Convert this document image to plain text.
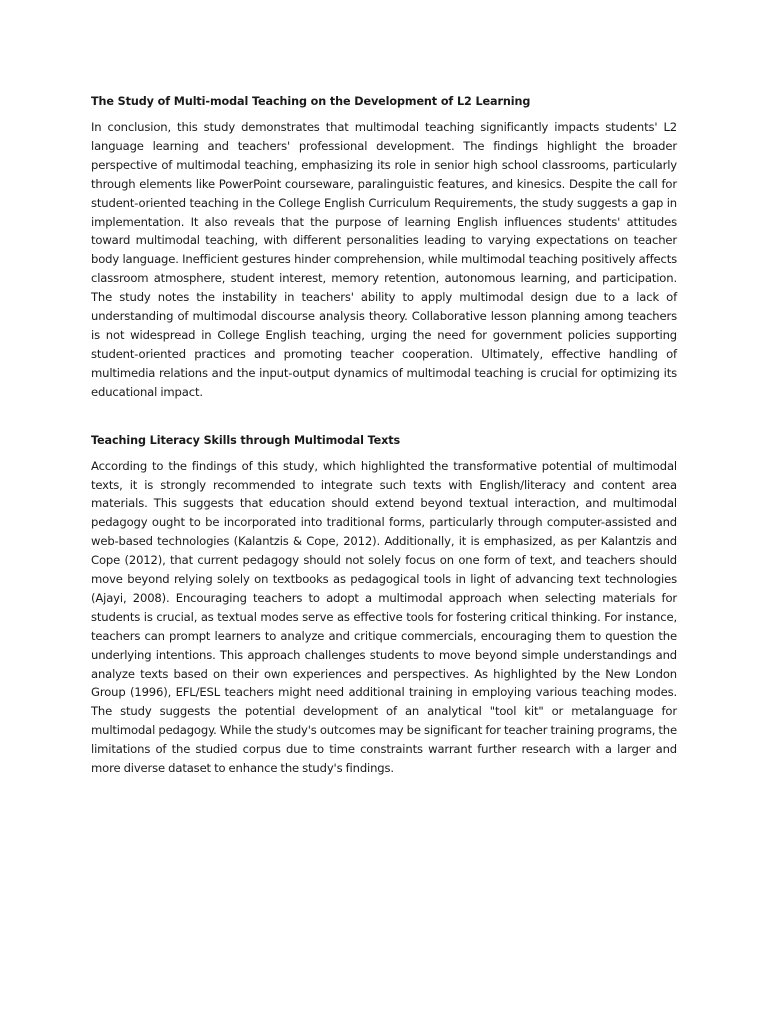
The Study of Multi-modal Teaching on the Development of L2 Learning

In conclusion, this study demonstrates that multimodal teaching significantly impacts students' L2 language learning and teachers' professional development. The findings highlight the broader perspective of multimodal teaching, emphasizing its role in senior high school classrooms, particularly through elements like PowerPoint courseware, paralinguistic features, and kinesics. Despite the call for student-oriented teaching in the College English Curriculum Requirements, the study suggests a gap in implementation. It also reveals that the purpose of learning English influences students' attitudes toward multimodal teaching, with different personalities leading to varying expectations on teacher body language. Inefficient gestures hinder comprehension, while multimodal teaching positively affects classroom atmosphere, student interest, memory retention, autonomous learning, and participation. The study notes the instability in teachers' ability to apply multimodal design due to a lack of understanding of multimodal discourse analysis theory. Collaborative lesson planning among teachers is not widespread in College English teaching, urging the need for government policies supporting student-oriented practices and promoting teacher cooperation. Ultimately, effective handling of multimedia relations and the input-output dynamics of multimodal teaching is crucial for optimizing its educational impact.

Teaching Literacy Skills through Multimodal Texts

According to the findings of this study, which highlighted the transformative potential of multimodal texts, it is strongly recommended to integrate such texts with English/literacy and content area materials. This suggests that education should extend beyond textual interaction, and multimodal pedagogy ought to be incorporated into traditional forms, particularly through computer-assisted and web-based technologies (Kalantzis & Cope, 2012). Additionally, it is emphasized, as per Kalantzis and Cope (2012), that current pedagogy should not solely focus on one form of text, and teachers should move beyond relying solely on textbooks as pedagogical tools in light of advancing text technologies (Ajayi, 2008). Encouraging teachers to adopt a multimodal approach when selecting materials for students is crucial, as textual modes serve as effective tools for fostering critical thinking. For instance, teachers can prompt learners to analyze and critique commercials, encouraging them to question the underlying intentions. This approach challenges students to move beyond simple understandings and analyze texts based on their own experiences and perspectives. As highlighted by the New London Group (1996), EFL/ESL teachers might need additional training in employing various teaching modes. The study suggests the potential development of an analytical "tool kit" or metalanguage for multimodal pedagogy. While the study's outcomes may be significant for teacher training programs, the limitations of the studied corpus due to time constraints warrant further research with a larger and more diverse dataset to enhance the study's findings.
